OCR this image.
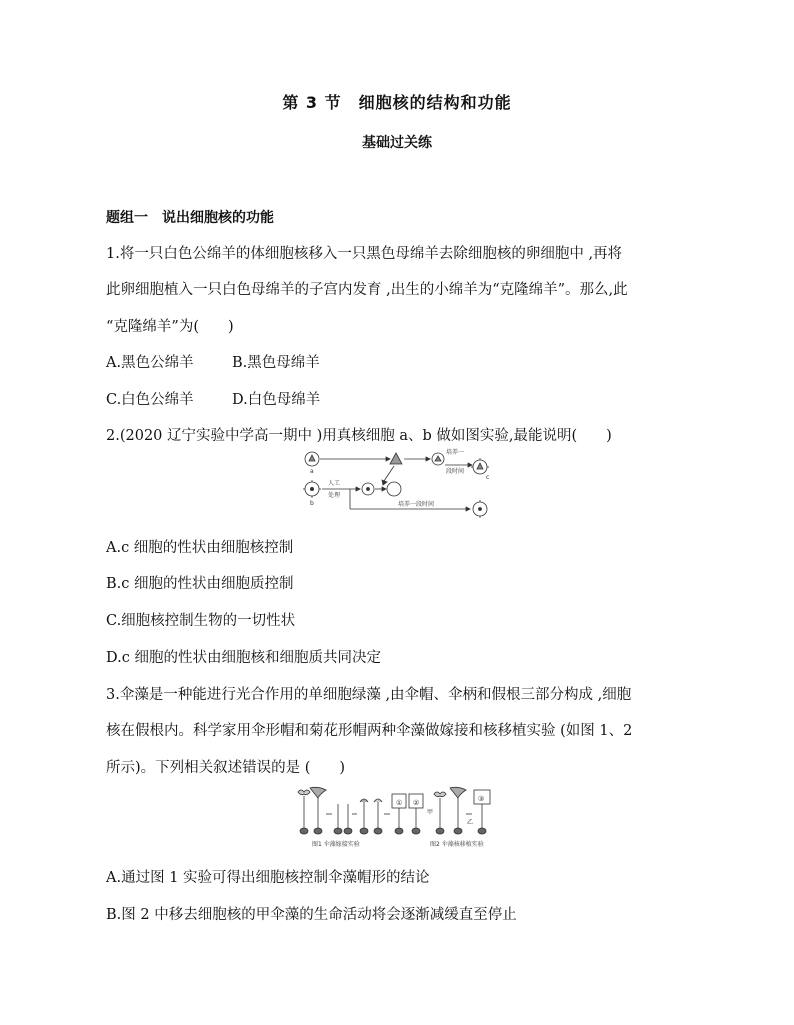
第 3 节　细胞核的结构和功能
基础过关练
题组一　说出细胞核的功能
1.将一只白色公绵羊的体细胞核移入一只黑色母绵羊去除细胞核的卵细胞中 ,再将
此卵细胞植入一只白色母绵羊的子宫内发育 ,出生的小绵羊为“克隆绵羊”。那么,此
“克隆绵羊”为(　　)
A.黑色公绵羊	B.黑色母绵羊
C.白色公绵羊	D.白色母绵羊
2.(2020 辽宁实验中学高一期中 )用真核细胞 a、b 做如图实验,最能说明(　　)
a
b
c
人工
处理
培养一
段时间
培养一段时间
A.c 细胞的性状由细胞核控制
B.c 细胞的性状由细胞质控制
C.细胞核控制生物的一切性状
D.c 细胞的性状由细胞核和细胞质共同决定
3.伞藻是一种能进行光合作用的单细胞绿藻 ,由伞帽、伞柄和假根三部分构成 ,细胞
核在假根内。科学家用伞形帽和菊花形帽两种伞藻做嫁接和核移植实验 (如图 1、2
所示)。下列相关叙述错误的是 (　　)
① ②	③
甲
乙
图1 伞藻嫁接实验	图2 伞藻核移植实验
A.通过图 1 实验可得出细胞核控制伞藻帽形的结论
B.图 2 中移去细胞核的甲伞藻的生命活动将会逐渐减缓直至停止
